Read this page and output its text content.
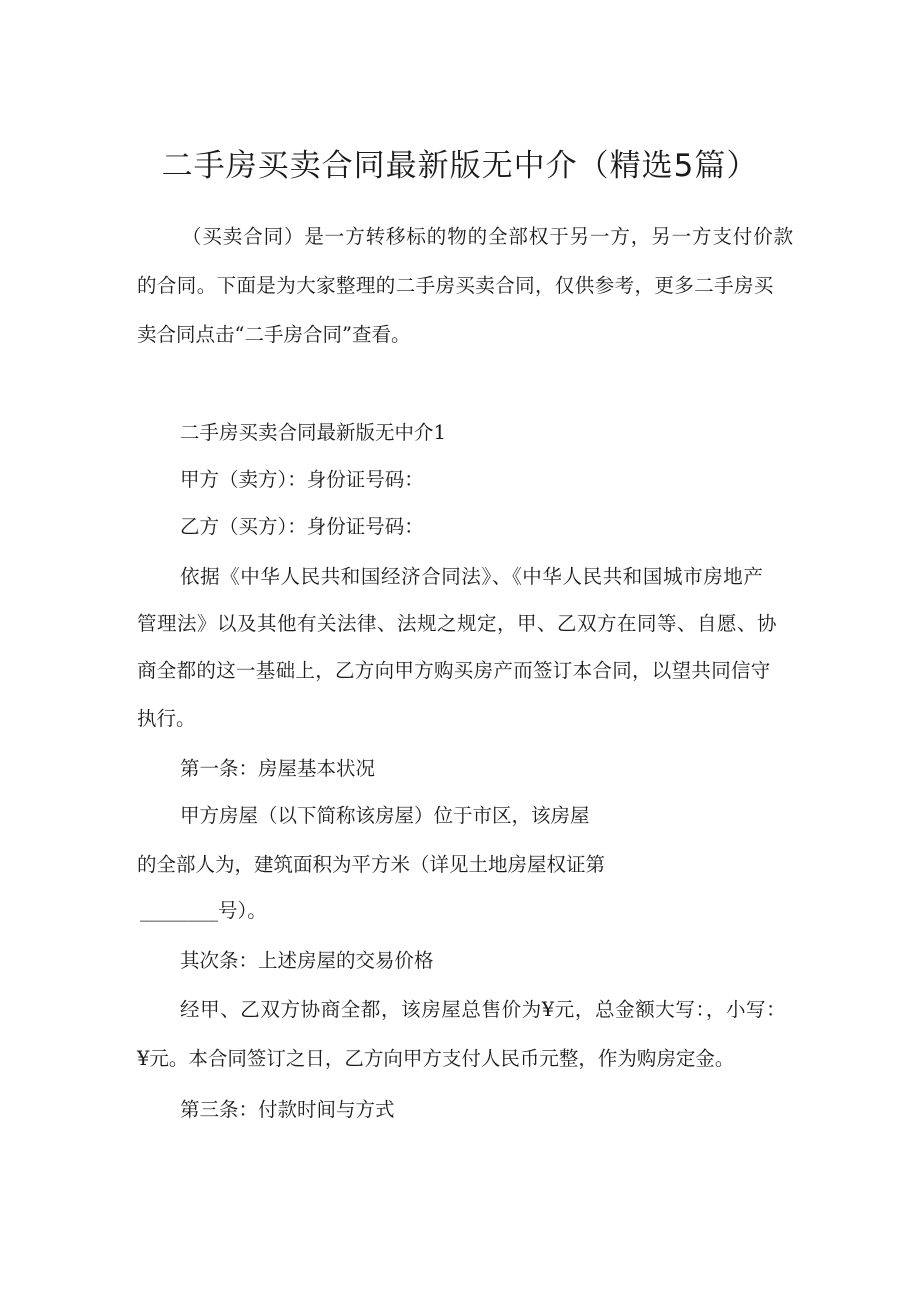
二手房买卖合同最新版无中介（精选5篇）
（买卖合同）是一方转移标的物的全部权于另一方，另一方支付价款
的合同。下面是为大家整理的二手房买卖合同，仅供参考，更多二手房买
卖合同点击“二手房合同”查看。
二手房买卖合同最新版无中介1
甲方（卖方）：身份证号码：
乙方（买方）：身份证号码：
依据《中华人民共和国经济合同法》、《中华人民共和国城市房地产
管理法》以及其他有关法律、法规之规定，甲、乙双方在同等、自愿、协
商全都的这一基础上，乙方向甲方购买房产而签订本合同，以望共同信守
执行。
第一条：房屋基本状况
甲方房屋（以下简称该房屋）位于市区，该房屋
的全部人为，建筑面积为平方米（详见土地房屋权证第
________号）。
其次条：上述房屋的交易价格
经甲、乙双方协商全都，该房屋总售价为¥元，总金额大写：，小写：
¥元。本合同签订之日，乙方向甲方支付人民币元整，作为购房定金。
第三条：付款时间与方式
